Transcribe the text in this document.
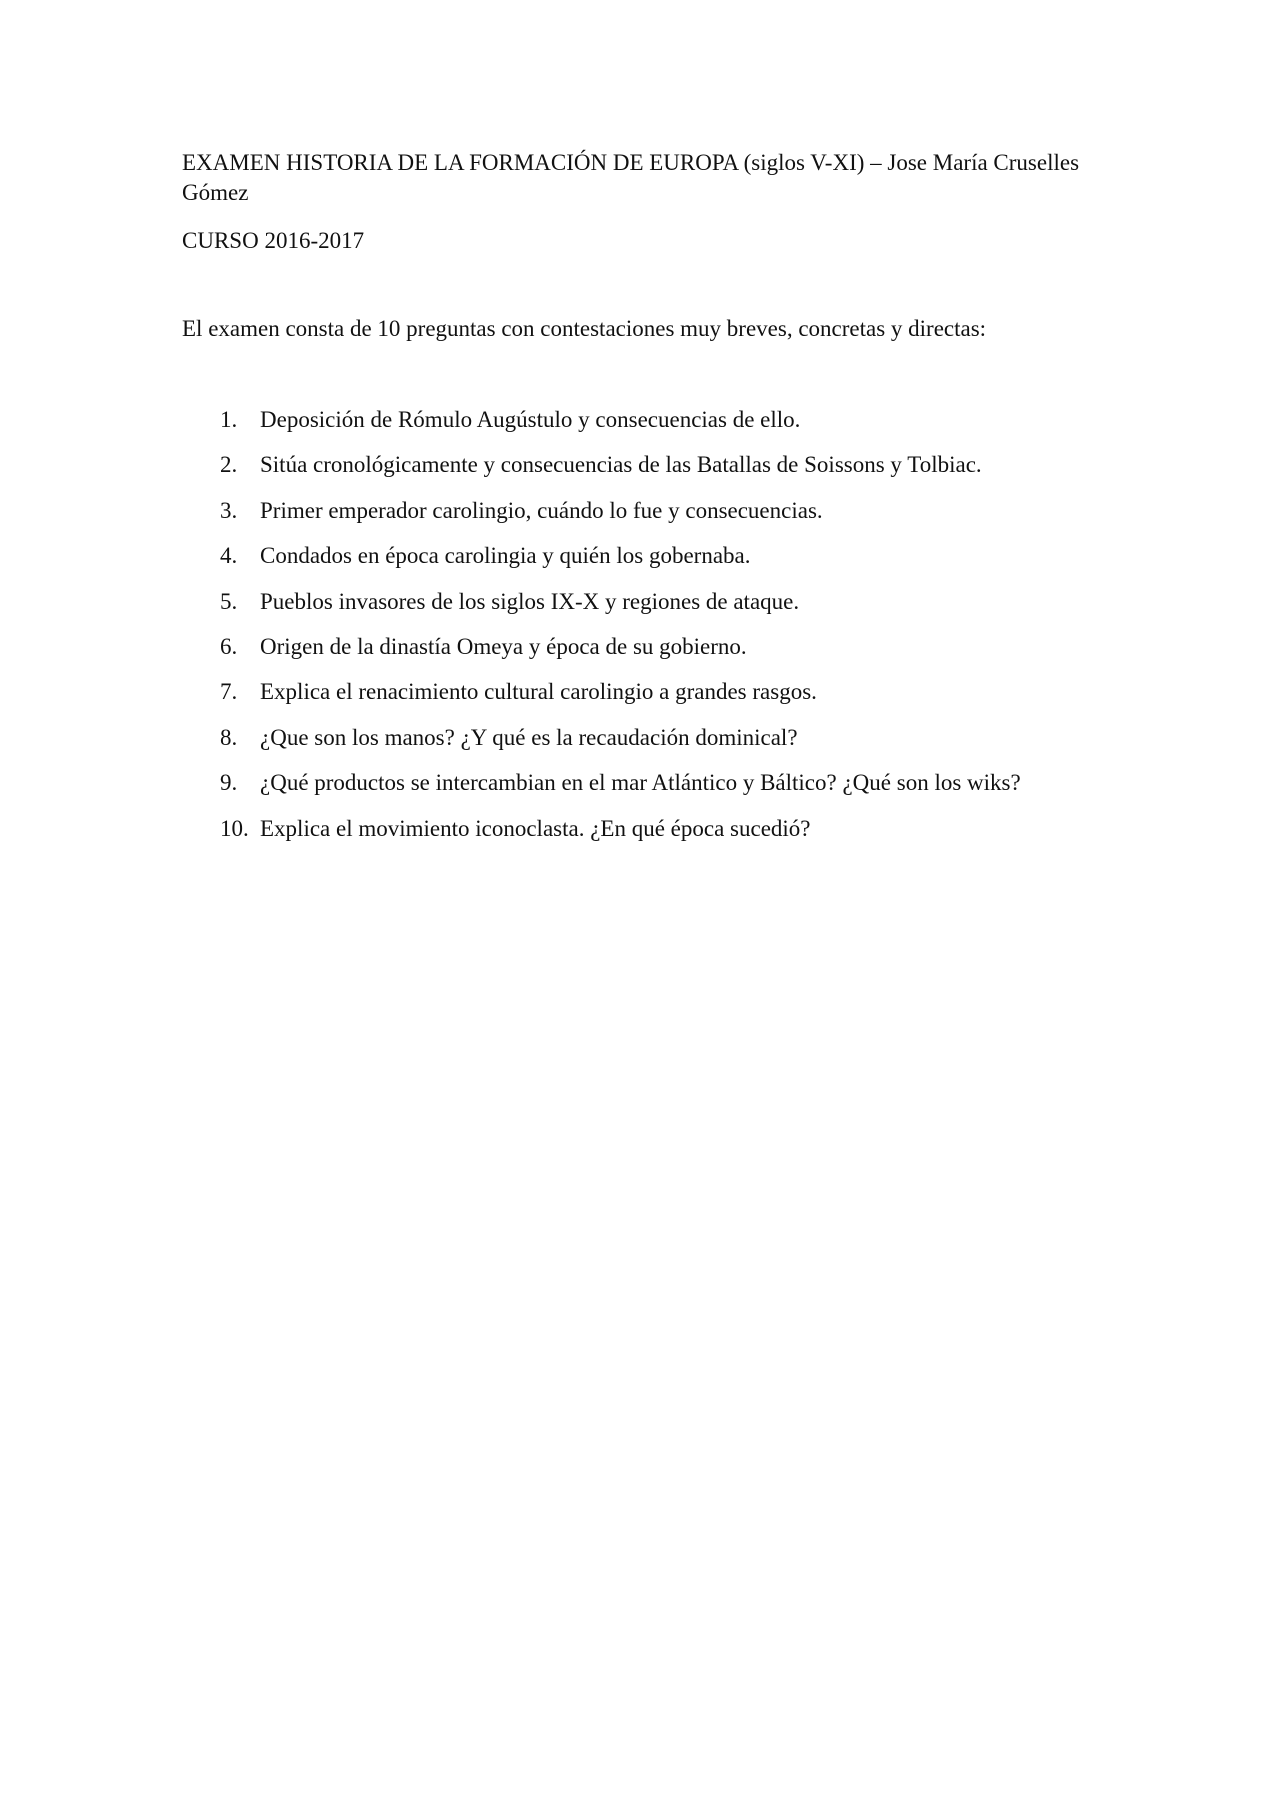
EXAMEN HISTORIA DE LA FORMACIÓN DE EUROPA (siglos V-XI) – Jose María Cruselles Gómez

CURSO 2016-2017

El examen consta de 10 preguntas con contestaciones muy breves, concretas y directas:

1. Deposición de Rómulo Augústulo y consecuencias de ello.
2. Sitúa cronológicamente y consecuencias de las Batallas de Soissons y Tolbiac.
3. Primer emperador carolingio, cuándo lo fue y consecuencias.
4. Condados en época carolingia y quién los gobernaba.
5. Pueblos invasores de los siglos IX-X y regiones de ataque.
6. Origen de la dinastía Omeya y época de su gobierno.
7. Explica el renacimiento cultural carolingio a grandes rasgos.
8. ¿Que son los manos? ¿Y qué es la recaudación dominical?
9. ¿Qué productos se intercambian en el mar Atlántico y Báltico? ¿Qué son los wiks?
10. Explica el movimiento iconoclasta. ¿En qué época sucedió?
